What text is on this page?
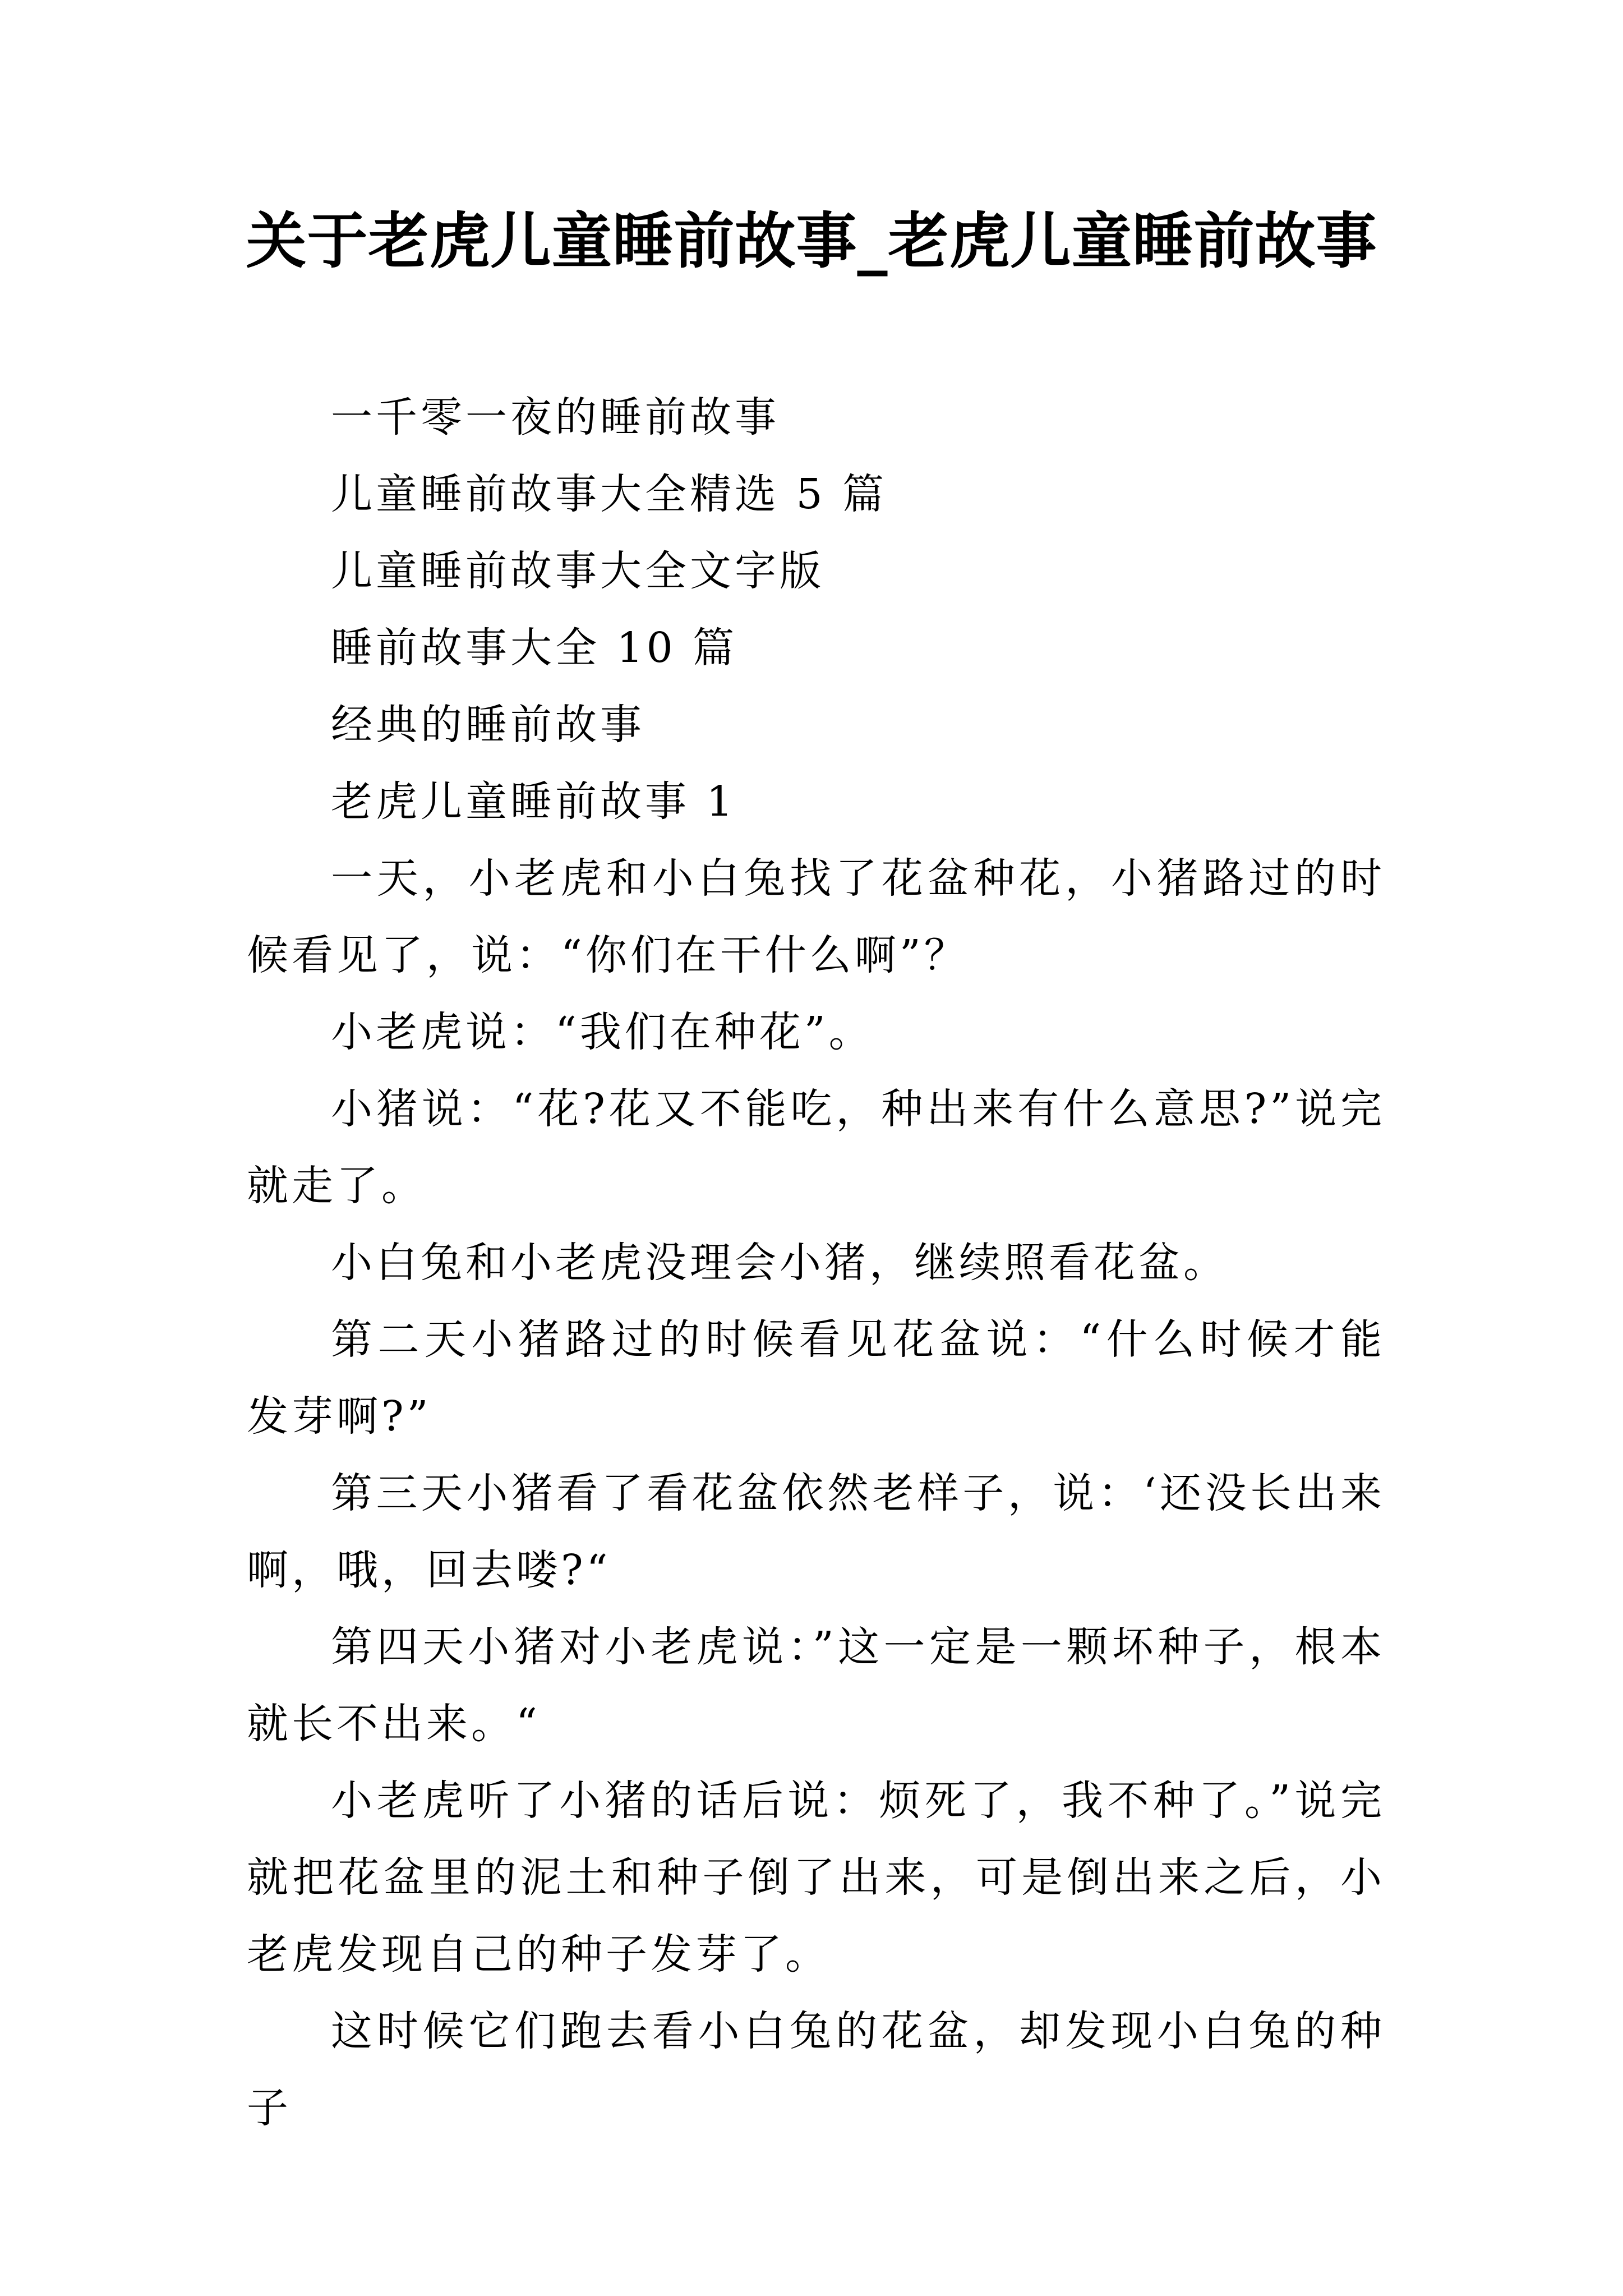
关于老虎儿童睡前故事_老虎儿童睡前故事

一千零一夜的睡前故事

儿童睡前故事大全精选 5 篇

儿童睡前故事大全文字版

睡前故事大全 10 篇

经典的睡前故事

老虎儿童睡前故事 1

一天，小老虎和小白兔找了花盆种花，小猪路过的时候看见了，说：“你们在干什么啊”？

小老虎说：“我们在种花”。

小猪说：“花?花又不能吃，种出来有什么意思?”说完就走了。

小白兔和小老虎没理会小猪，继续照看花盆。

第二天小猪路过的时候看见花盆说：“什么时候才能发芽啊?”

第三天小猪看了看花盆依然老样子，说：‘还没长出来啊，哦，回去喽?“

第四天小猪对小老虎说：”这一定是一颗坏种子，根本就长不出来。“

小老虎听了小猪的话后说：烦死了，我不种了。”说完就把花盆里的泥土和种子倒了出来，可是倒出来之后，小老虎发现自己的种子发芽了。

这时候它们跑去看小白兔的花盆，却发现小白兔的种子
